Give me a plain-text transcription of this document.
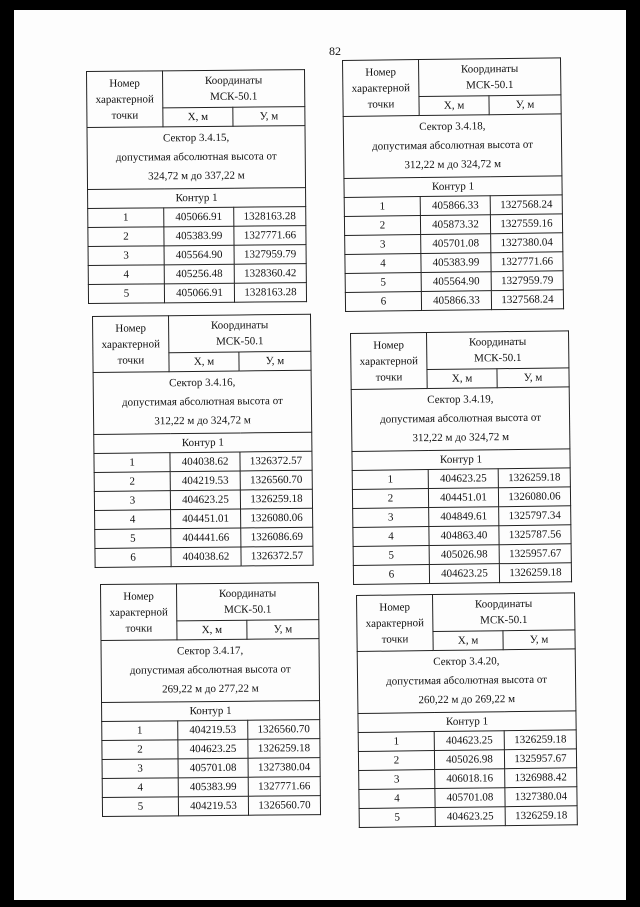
82
Номер
характерной
точки	Координаты
МСК-50.1	
	Х, м	У, м
Сектор 3.4.15,
допустимая абсолютная высота от
324,72 м до 337,22 м		
Контур 1		
1	405066.91	1328163.28
2	405383.99	1327771.66
3	405564.90	1327959.79
4	405256.48	1328360.42
5	405066.91	1328163.28
Номер
характерной
точки	Координаты
МСК-50.1	
	Х, м	У, м
Сектор 3.4.18,
допустимая абсолютная высота от
312,22 м до 324,72 м		
Контур 1		
1	405866.33	1327568.24
2	405873.32	1327559.16
3	405701.08	1327380.04
4	405383.99	1327771.66
5	405564.90	1327959.79
6	405866.33	1327568.24
Номер
характерной
точки	Координаты
МСК-50.1	
	Х, м	У, м
Сектор 3.4.16,
допустимая абсолютная высота от
312,22 м до 324,72 м		
Контур 1		
1	404038.62	1326372.57
2	404219.53	1326560.70
3	404623.25	1326259.18
4	404451.01	1326080.06
5	404441.66	1326086.69
6	404038.62	1326372.57
Номер
характерной
точки	Координаты
МСК-50.1	
	Х, м	У, м
Сектор 3.4.19,
допустимая абсолютная высота от
312,22 м до 324,72 м		
Контур 1		
1	404623.25	1326259.18
2	404451.01	1326080.06
3	404849.61	1325797.34
4	404863.40	1325787.56
5	405026.98	1325957.67
6	404623.25	1326259.18
Номер
характерной
точки	Координаты
МСК-50.1	
	Х, м	У, м
Сектор 3.4.17,
допустимая абсолютная высота от
269,22 м до 277,22 м		
Контур 1		
1	404219.53	1326560.70
2	404623.25	1326259.18
3	405701.08	1327380.04
4	405383.99	1327771.66
5	404219.53	1326560.70
Номер
характерной
точки	Координаты
МСК-50.1	
	Х, м	У, м
Сектор 3.4.20,
допустимая абсолютная высота от
260,22 м до 269,22 м		
Контур 1		
1	404623.25	1326259.18
2	405026.98	1325957.67
3	406018.16	1326988.42
4	405701.08	1327380.04
5	404623.25	1326259.18
